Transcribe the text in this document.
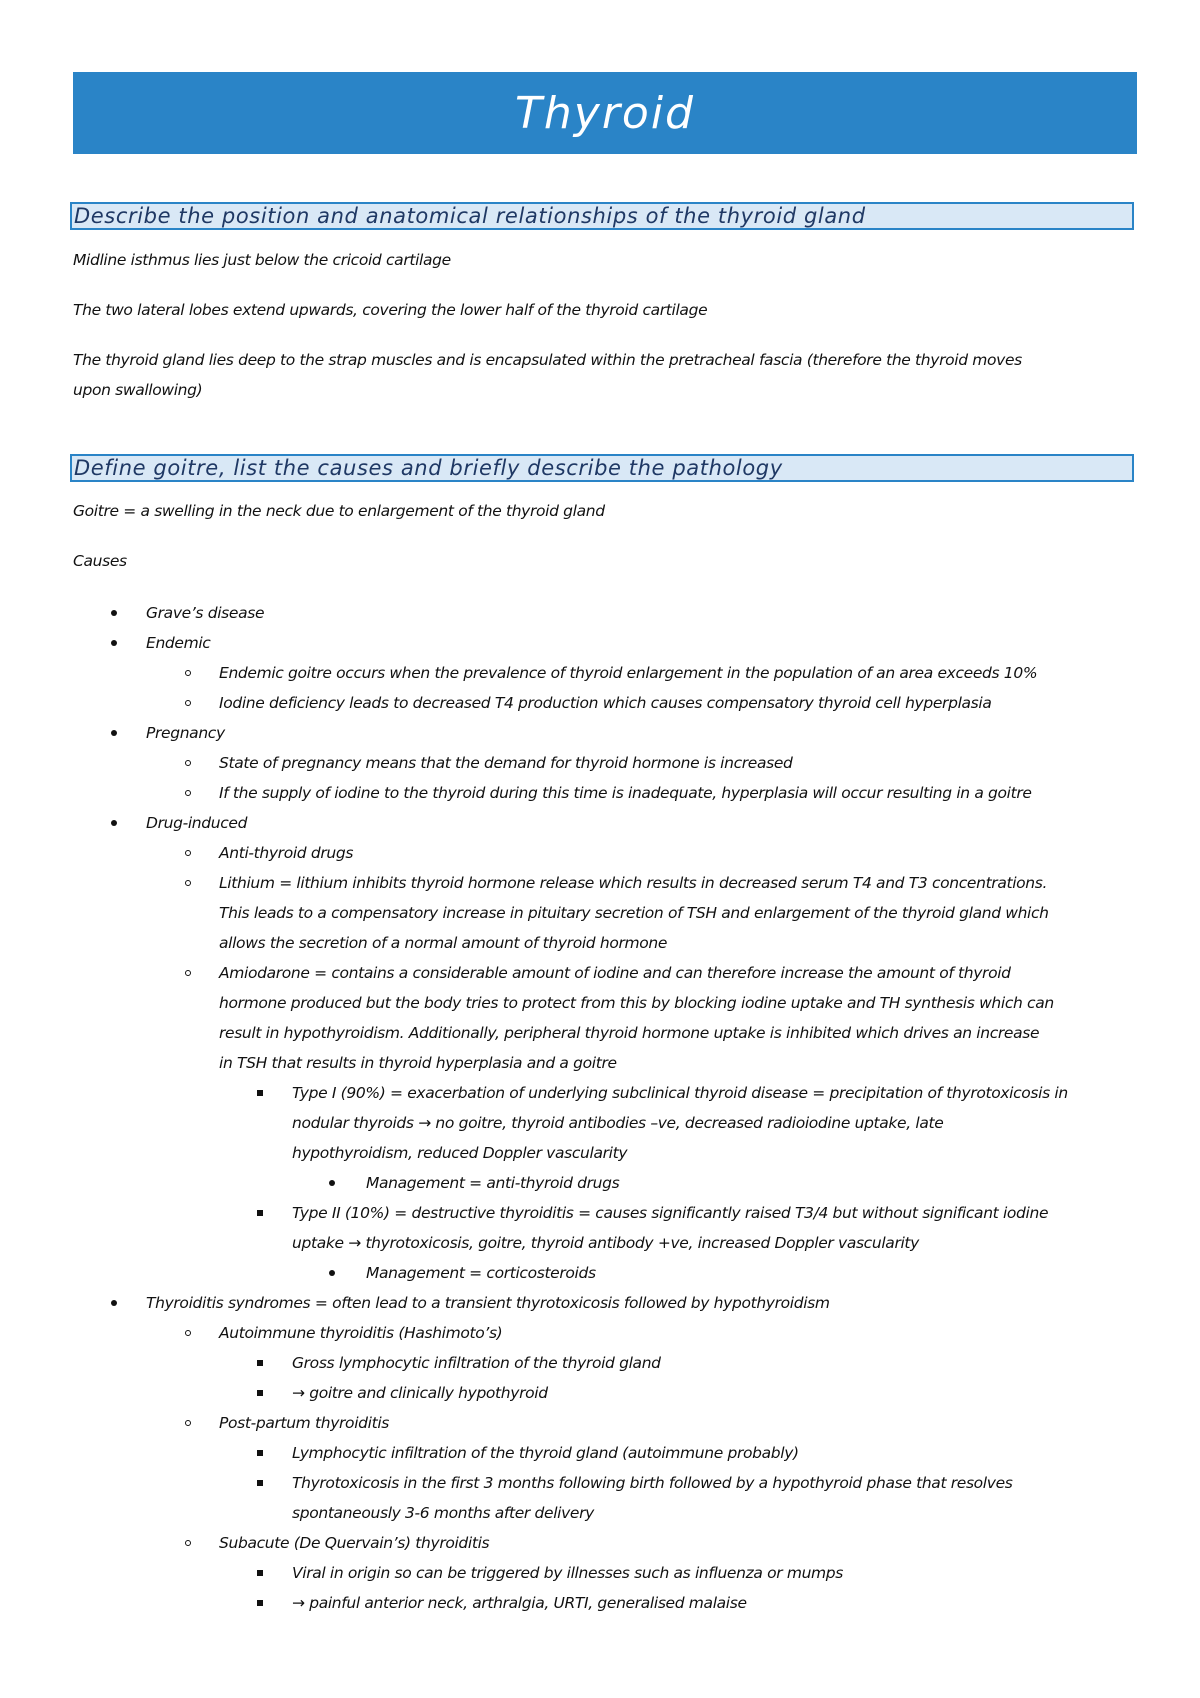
Thyroid
Describe the position and anatomical relationships of the thyroid gland
Midline isthmus lies just below the cricoid cartilage
The two lateral lobes extend upwards, covering the lower half of the thyroid cartilage
The thyroid gland lies deep to the strap muscles and is encapsulated within the pretracheal fascia (therefore the thyroid moves
upon swallowing)
Define goitre, list the causes and briefly describe the pathology
Goitre = a swelling in the neck due to enlargement of the thyroid gland
Causes
Grave’s disease
Endemic
Endemic goitre occurs when the prevalence of thyroid enlargement in the population of an area exceeds 10%
Iodine deficiency leads to decreased T4 production which causes compensatory thyroid cell hyperplasia
Pregnancy
State of pregnancy means that the demand for thyroid hormone is increased
If the supply of iodine to the thyroid during this time is inadequate, hyperplasia will occur resulting in a goitre
Drug-induced
Anti-thyroid drugs
Lithium = lithium inhibits thyroid hormone release which results in decreased serum T4 and T3 concentrations.
This leads to a compensatory increase in pituitary secretion of TSH and enlargement of the thyroid gland which
allows the secretion of a normal amount of thyroid hormone
Amiodarone = contains a considerable amount of iodine and can therefore increase the amount of thyroid
hormone produced but the body tries to protect from this by blocking iodine uptake and TH synthesis which can
result in hypothyroidism. Additionally, peripheral thyroid hormone uptake is inhibited which drives an increase
in TSH that results in thyroid hyperplasia and a goitre
Type I (90%) = exacerbation of underlying subclinical thyroid disease = precipitation of thyrotoxicosis in
nodular thyroids → no goitre, thyroid antibodies –ve, decreased radioiodine uptake, late
hypothyroidism, reduced Doppler vascularity
Management = anti-thyroid drugs
Type II (10%) = destructive thyroiditis = causes significantly raised T3/4 but without significant iodine
uptake → thyrotoxicosis, goitre, thyroid antibody +ve, increased Doppler vascularity
Management = corticosteroids
Thyroiditis syndromes = often lead to a transient thyrotoxicosis followed by hypothyroidism
Autoimmune thyroiditis (Hashimoto’s)
Gross lymphocytic infiltration of the thyroid gland
→ goitre and clinically hypothyroid
Post-partum thyroiditis
Lymphocytic infiltration of the thyroid gland (autoimmune probably)
Thyrotoxicosis in the first 3 months following birth followed by a hypothyroid phase that resolves
spontaneously 3-6 months after delivery
Subacute (De Quervain’s) thyroiditis
Viral in origin so can be triggered by illnesses such as influenza or mumps
→ painful anterior neck, arthralgia, URTI, generalised malaise
